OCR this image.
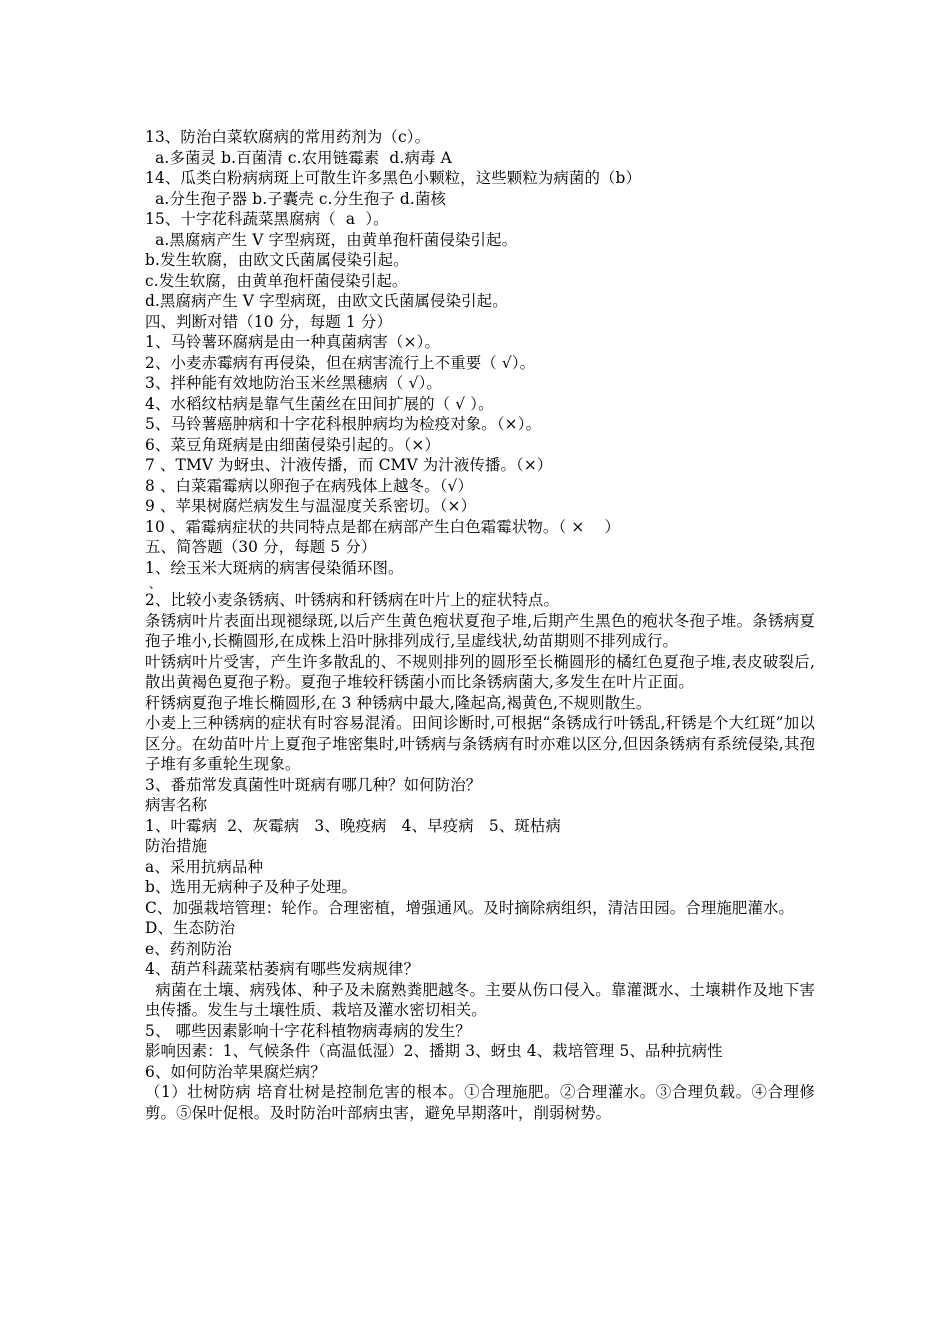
13、防治白菜软腐病的常用药剂为（c）。
a.多菌灵 b.百菌清 c.农用链霉素  d.病毒 A
14、瓜类白粉病病斑上可散生许多黑色小颗粒，这些颗粒为病菌的（b）
a.分生孢子器 b.子囊壳 c.分生孢子 d.菌核
15、十字花科蔬菜黑腐病（  a  ）。
a.黑腐病产生 V 字型病斑，由黄单孢杆菌侵染引起。
b.发生软腐，由欧文氏菌属侵染引起。
c.发生软腐，由黄单孢杆菌侵染引起。
d.黑腐病产生 V 字型病斑，由欧文氏菌属侵染引起。
四、判断对错（10 分，每题 1 分）
1、马铃薯环腐病是由一种真菌病害（×）。
2、小麦赤霉病有再侵染，但在病害流行上不重要（ √）。
3、拌种能有效地防治玉米丝黑穗病（ √）。
4、水稻纹枯病是靠气生菌丝在田间扩展的（ √ ）。
5、马铃薯癌肿病和十字花科根肿病均为检疫对象。（×）。
6、菜豆角斑病是由细菌侵染引起的。（×）
7 、TMV 为蚜虫、汁液传播，而 CMV 为汁液传播。（×）
8 、白菜霜霉病以卵孢子在病残体上越冬。（√）
9 、苹果树腐烂病发生与温湿度关系密切。（×）
10 、霜霉病症状的共同特点是都在病部产生白色霜霉状物。（ ×    ）
五、简答题（30 分，每题 5 分）
1、绘玉米大斑病的病害侵染循环图。
、
2、比较小麦条锈病、叶锈病和秆锈病在叶片上的症状特点。
条锈病叶片表面出现褪绿斑,以后产生黄色疱状夏孢子堆,后期产生黑色的疱状冬孢子堆。条锈病夏孢子堆小,长椭圆形,在成株上沿叶脉排列成行,呈虚线状,幼苗期则不排列成行。
叶锈病叶片受害，产生许多散乱的、不规则排列的圆形至长椭圆形的橘红色夏孢子堆,表皮破裂后,散出黄褐色夏孢子粉。夏孢子堆较秆锈菌小而比条锈病菌大,多发生在叶片正面。
秆锈病夏孢子堆长椭圆形,在 3 种锈病中最大,隆起高,褐黄色,不规则散生。
小麦上三种锈病的症状有时容易混淆。田间诊断时,可根据“条锈成行叶锈乱,秆锈是个大红斑”加以区分。在幼苗叶片上夏孢子堆密集时,叶锈病与条锈病有时亦难以区分,但因条锈病有系统侵染,其孢子堆有多重轮生现象。
3、番茄常发真菌性叶斑病有哪几种？如何防治？
病害名称
1、叶霉病  2、灰霉病   3、晚疫病   4、早疫病   5、斑枯病
防治措施
a、采用抗病品种
b、选用无病种子及种子处理。
C、加强栽培管理：轮作。合理密植，增强通风。及时摘除病组织，清洁田园。合理施肥灌水。
D、生态防治
e、药剂防治
4、葫芦科蔬菜枯萎病有哪些发病规律？
病菌在土壤、病残体、种子及未腐熟粪肥越冬。主要从伤口侵入。靠灌溉水、土壤耕作及地下害虫传播。发生与土壤性质、栽培及灌水密切相关。
5、 哪些因素影响十字花科植物病毒病的发生？
影响因素：1、气候条件（高温低湿）2、播期 3、蚜虫 4、栽培管理 5、品种抗病性
6、如何防治苹果腐烂病？
（1）壮树防病 培育壮树是控制危害的根本。①合理施肥。②合理灌水。③合理负载。④合理修剪。⑤保叶促根。及时防治叶部病虫害，避免早期落叶，削弱树势。
